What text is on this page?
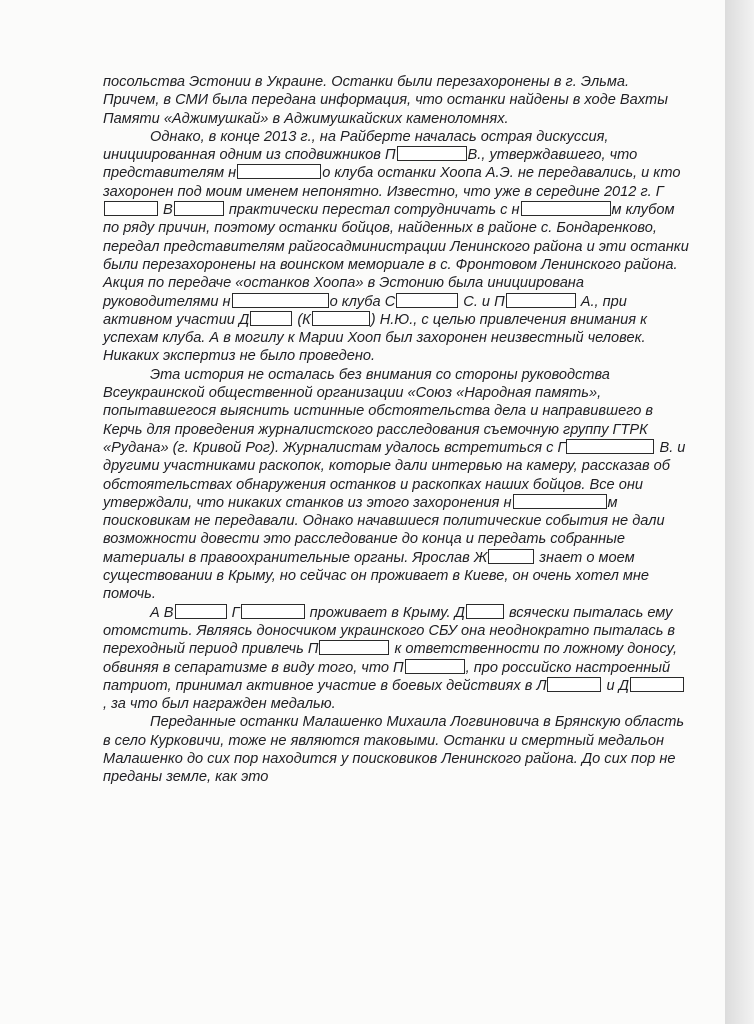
посольства Эстонии в Украине. Останки были перезахоронены в г. Эльма. Причем, в СМИ была передана информация, что останки найдены в ходе Вахты Памяти «Аджимушкай» в Аджимушкайских каменоломнях.

Однако, в конце 2013 г., на Райберте началась острая дискуссия, инициированная одним из сподвижников П	В., утверждавшего, что представителям н	о клуба останки Хоопа А.Э. не передавались, и кто захоронен под моим именем непонятно. Известно, что уже в середине 2012 г. Г В	практически перестал сотрудничать с н	м клубом по ряду причин, поэтому останки бойцов, найденных в районе с. Бондаренково, передал представителям райгосадминистрации Ленинского района и эти останки были перезахоронены на воинском мемориале в с. Фронтовом Ленинского района. Акция по передаче «останков Хоопа» в Эстонию была инициирована руководителями н	о клуба С	С. и П	А., при активном участии Д	(К	) Н.Ю., с целью привлечения внимания к успехам клуба. А в могилу к Марии Хооп был захоронен неизвестный человек. Никаких экспертиз не было проведено.

Эта история не осталась без внимания со стороны руководства Всеукраинской общественной организации «Союз «Народная память», попытавшегося выяснить истинные обстоятельства дела и направившего в Керчь для проведения журналистского расследования съемочную группу ГТРК «Рудана» (г. Кривой Рог). Журналистам удалось встретиться с Г	В. и другими участниками раскопок, которые дали интервью на камеру, рассказав об обстоятельствах обнаружения останков и раскопках наших бойцов. Все они утверждали, что никаких станков из этого захоронения н	м поисковикам не передавали. Однако начавшиеся политические события не дали возможности довести это расследование до конца и передать собранные материалы в правоохранительные органы. Ярослав Ж	знает о моем существовании в Крыму, но сейчас он проживает в Киеве, он очень хотел мне помочь.

А В	Г	проживает в Крыму. Д	всячески пыталась ему отомстить. Являясь доносчиком украинского СБУ она неоднократно пыталась в переходный период привлечь П	к ответственности по ложному доносу, обвиняя в сепаратизме в виду того, что П	, про российско настроенный патриот, принимал активное участие в боевых действиях в Л	и Д, за что был награжден медалью.

Переданные останки Малашенко Михаила Логвиновича в Брянскую область в село Курковичи, тоже не являются таковыми. Останки и смертный медальон Малашенко до сих пор находится у поисковиков Ленинского района. До сих пор не преданы земле, как это
